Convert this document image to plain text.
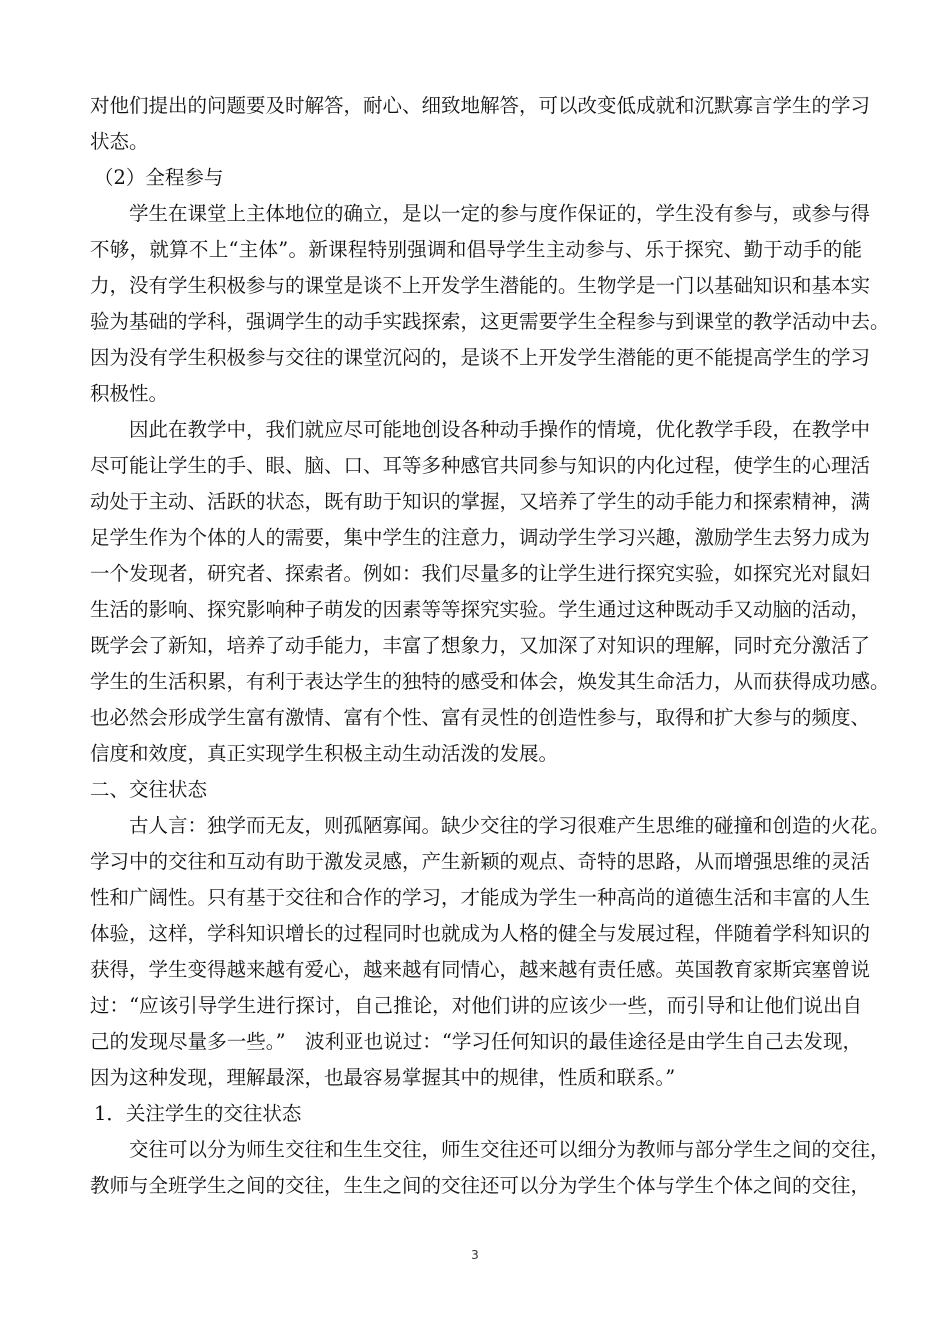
对他们提出的问题要及时解答，耐心、细致地解答，可以改变低成就和沉默寡言学生的学习
状态。
（2）全程参与
学生在课堂上主体地位的确立，是以一定的参与度作保证的，学生没有参与，或参与得
不够，就算不上“主体”。新课程特别强调和倡导学生主动参与、乐于探究、勤于动手的能
力，没有学生积极参与的课堂是谈不上开发学生潜能的。生物学是一门以基础知识和基本实
验为基础的学科，强调学生的动手实践探索，这更需要学生全程参与到课堂的教学活动中去。
因为没有学生积极参与交往的课堂沉闷的，是谈不上开发学生潜能的更不能提高学生的学习
积极性。
因此在教学中，我们就应尽可能地创设各种动手操作的情境，优化教学手段，在教学中
尽可能让学生的手、眼、脑、口、耳等多种感官共同参与知识的内化过程，使学生的心理活
动处于主动、活跃的状态，既有助于知识的掌握，又培养了学生的动手能力和探索精神，满
足学生作为个体的人的需要，集中学生的注意力，调动学生学习兴趣，激励学生去努力成为
一个发现者，研究者、探索者。例如：我们尽量多的让学生进行探究实验，如探究光对鼠妇
生活的影响、探究影响种子萌发的因素等等探究实验。学生通过这种既动手又动脑的活动，
既学会了新知，培养了动手能力，丰富了想象力，又加深了对知识的理解，同时充分激活了
学生的生活积累，有利于表达学生的独特的感受和体会，焕发其生命活力，从而获得成功感。
也必然会形成学生富有激情、富有个性、富有灵性的创造性参与，取得和扩大参与的频度、
信度和效度，真正实现学生积极主动生动活泼的发展。
二、交往状态
古人言：独学而无友，则孤陋寡闻。缺少交往的学习很难产生思维的碰撞和创造的火花。
学习中的交往和互动有助于激发灵感，产生新颖的观点、奇特的思路，从而增强思维的灵活
性和广阔性。只有基于交往和合作的学习，才能成为学生一种高尚的道德生活和丰富的人生
体验，这样，学科知识增长的过程同时也就成为人格的健全与发展过程，伴随着学科知识的
获得，学生变得越来越有爱心，越来越有同情心，越来越有责任感。英国教育家斯宾塞曾说
过：“应该引导学生进行探讨，自己推论，对他们讲的应该少一些，而引导和让他们说出自
己的发现尽量多一些。”　波利亚也说过：“学习任何知识的最佳途径是由学生自己去发现，
因为这种发现，理解最深，也最容易掌握其中的规律，性质和联系。”
1．关注学生的交往状态
交往可以分为师生交往和生生交往，师生交往还可以细分为教师与部分学生之间的交往，
教师与全班学生之间的交往，生生之间的交往还可以分为学生个体与学生个体之间的交往，
3
